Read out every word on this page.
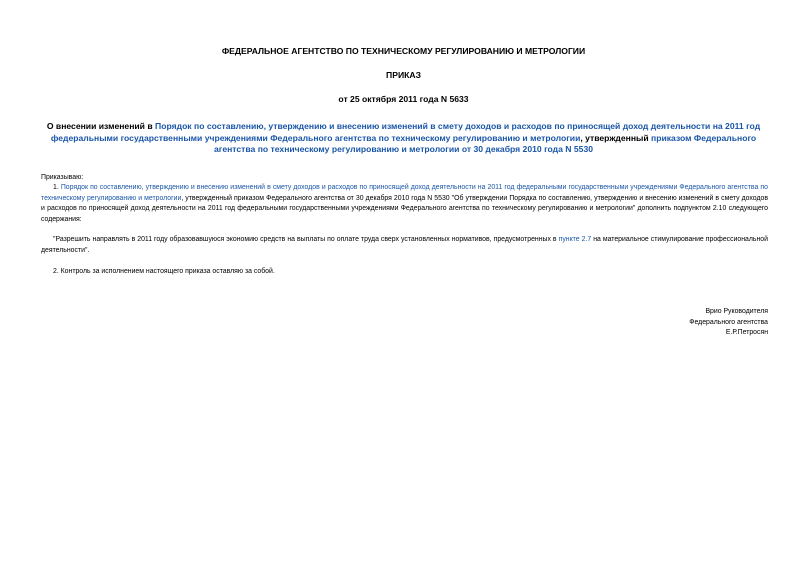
ФЕДЕРАЛЬНОЕ АГЕНТСТВО ПО ТЕХНИЧЕСКОМУ РЕГУЛИРОВАНИЮ И МЕТРОЛОГИИ
ПРИКАЗ
от 25 октября 2011 года N 5633
О внесении изменений в Порядок по составлению, утверждению и внесению изменений в смету доходов и расходов по приносящей доход деятельности на 2011 год федеральными государственными учреждениями Федерального агентства по техническому регулированию и метрологии, утвержденный приказом Федерального агентства по техническому регулированию и метрологии от 30 декабря 2010 года N 5530
Приказываю:
1. Порядок по составлению, утверждению и внесению изменений в смету доходов и расходов по приносящей доход деятельности на 2011 год федеральными государственными учреждениями Федерального агентства по техническому регулированию и метрологии, утвержденный приказом Федерального агентства от 30 декабря 2010 года N 5530 "Об утверждении Порядка по составлению, утверждению и внесению изменений в смету доходов и расходов по приносящей доход деятельности на 2011 год федеральными государственными учреждениями Федерального агентства по техническому регулированию и метрологии" дополнить подпунктом 2.10 следующего содержания:
"Разрешить направлять в 2011 году образовавшуюся экономию средств на выплаты по оплате труда сверх установленных нормативов, предусмотренных в пункте 2.7 на материальное стимулирование профессиональной деятельности".
2. Контроль за исполнением настоящего приказа оставляю за собой.
Врио Руководителя
Федерального агентства
Е.Р.Петросян
